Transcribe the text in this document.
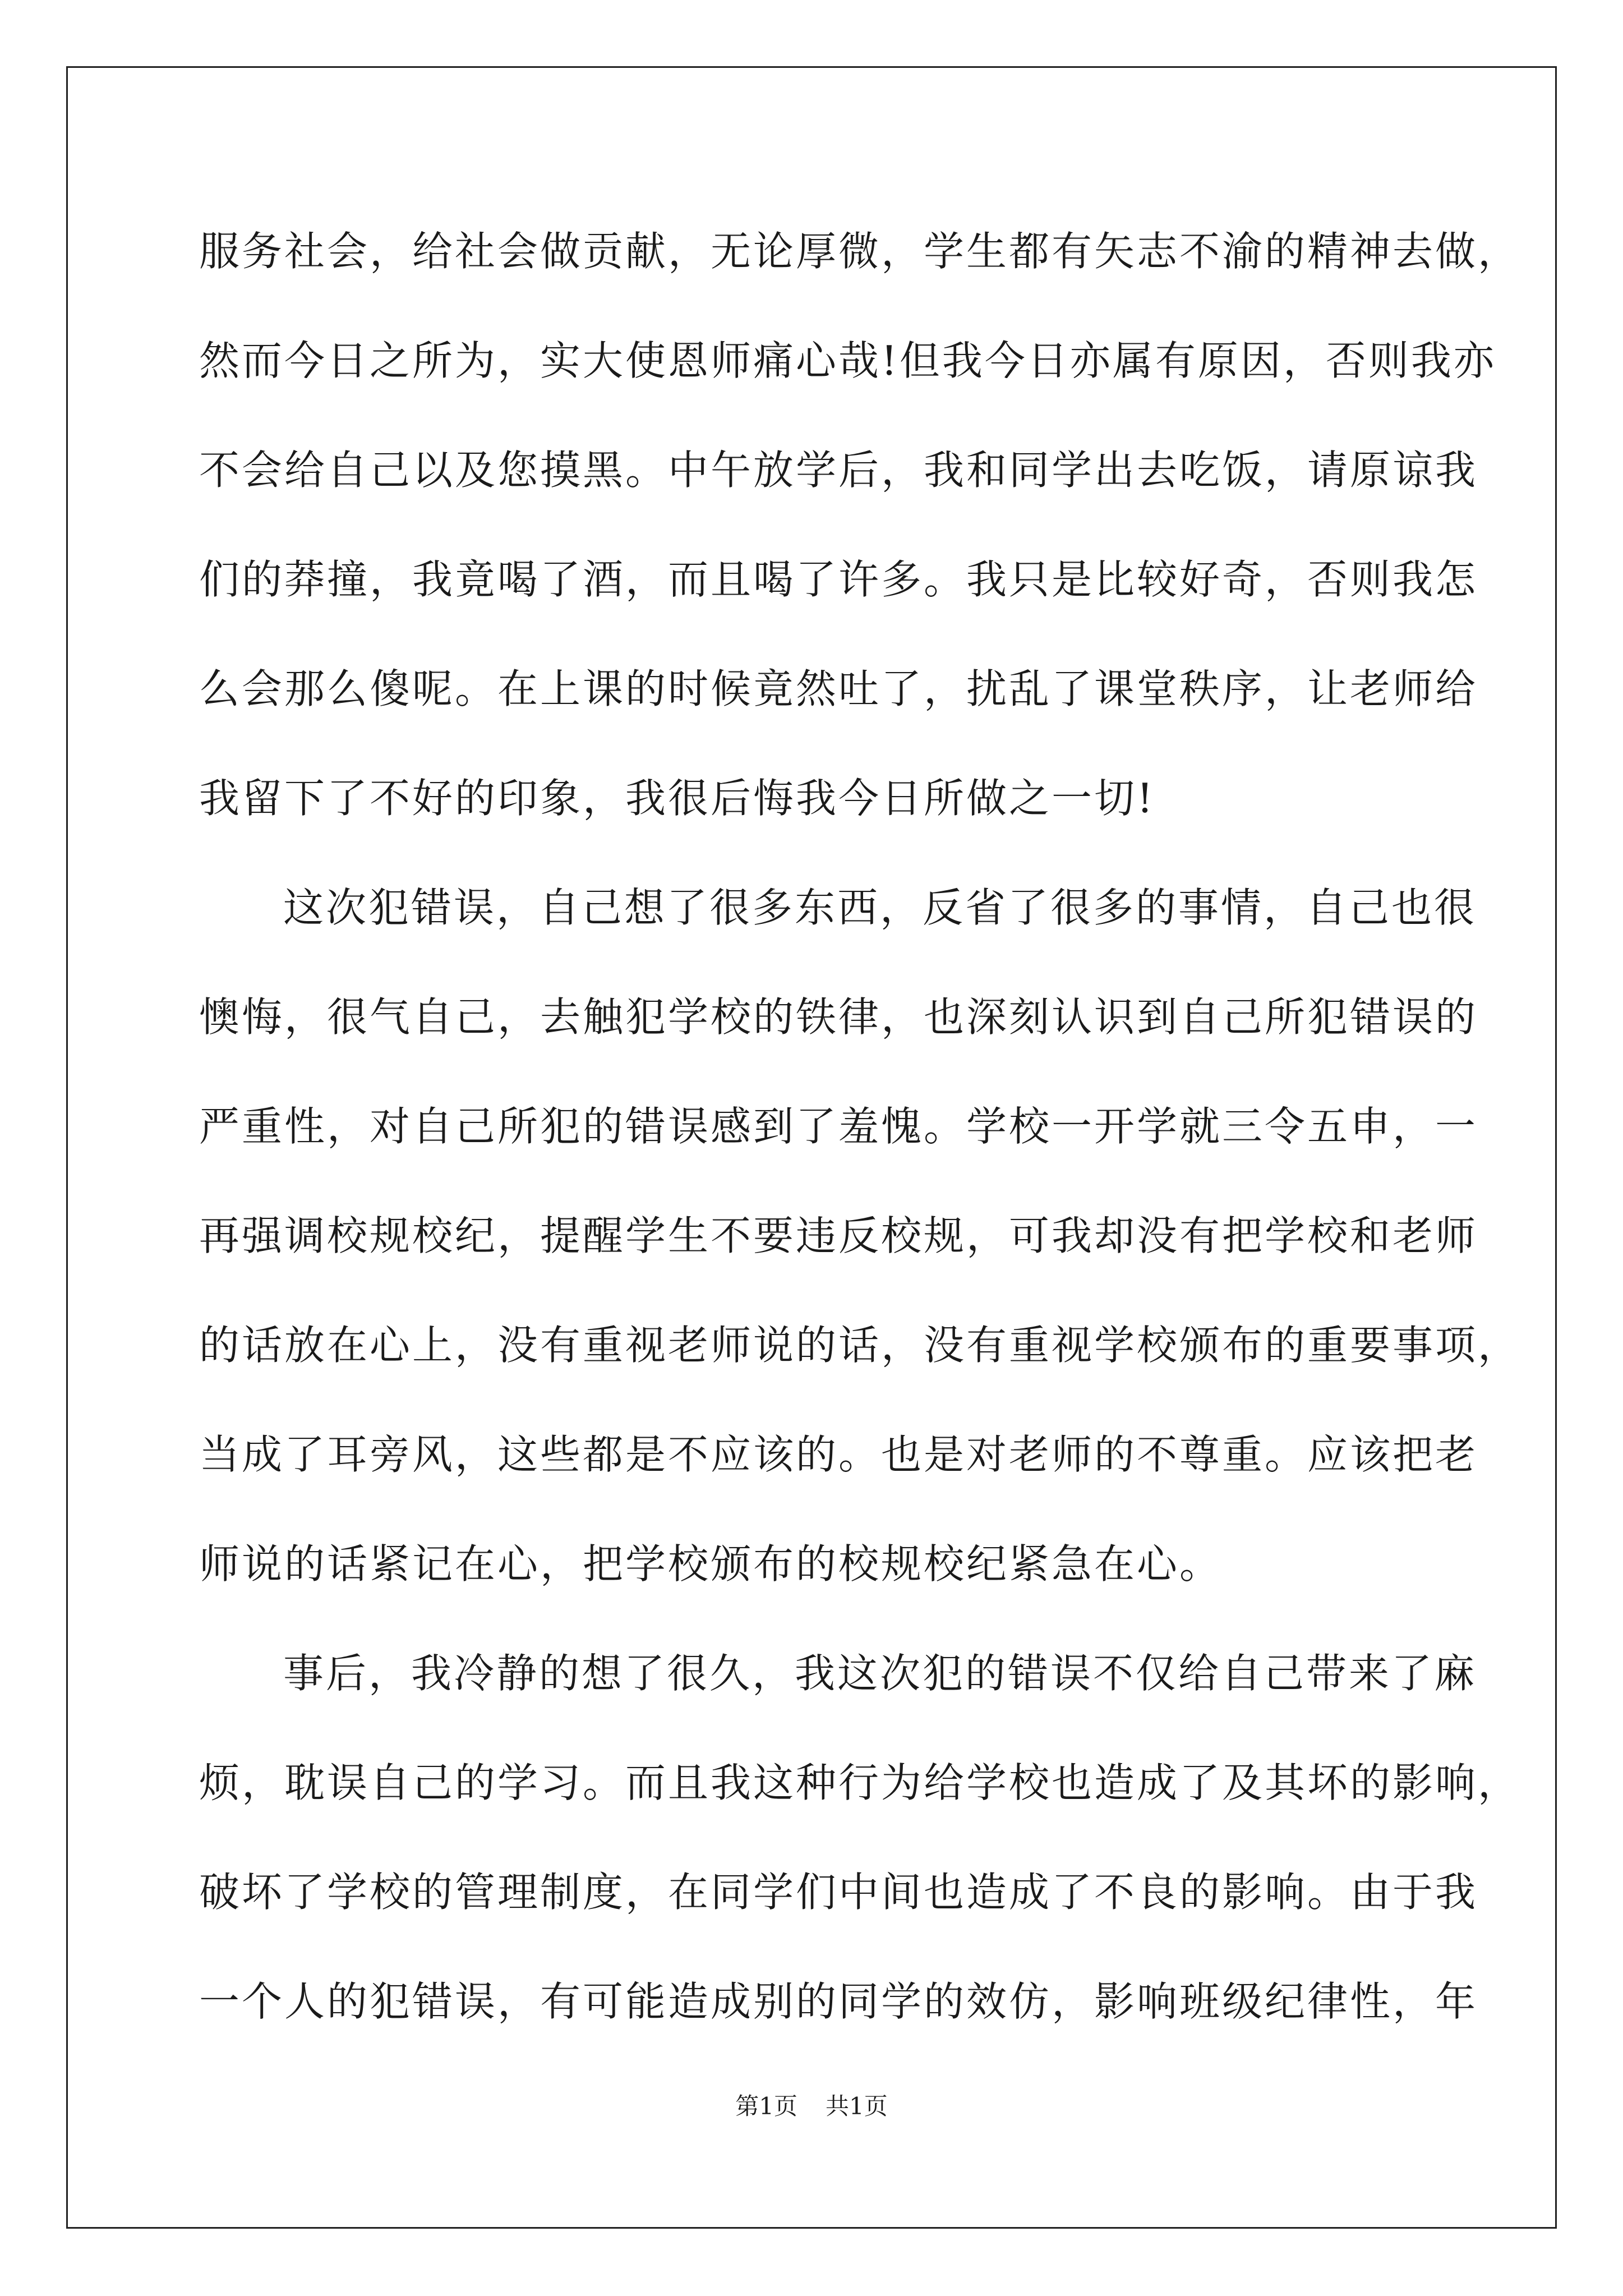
服务社会，给社会做贡献，无论厚微，学生都有矢志不渝的精神去做，
然而今日之所为，实大使恩师痛心哉!但我今日亦属有原因，否则我亦
不会给自己以及您摸黑。中午放学后，我和同学出去吃饭，请原谅我
们的莽撞，我竟喝了酒，而且喝了许多。我只是比较好奇，否则我怎
么会那么傻呢。在上课的时候竟然吐了，扰乱了课堂秩序，让老师给
我留下了不好的印象，我很后悔我今日所做之一切!
这次犯错误，自己想了很多东西，反省了很多的事情，自己也很
懊悔，很气自己，去触犯学校的铁律，也深刻认识到自己所犯错误的
严重性，对自己所犯的错误感到了羞愧。学校一开学就三令五申，一
再强调校规校纪，提醒学生不要违反校规，可我却没有把学校和老师
的话放在心上，没有重视老师说的话，没有重视学校颁布的重要事项，
当成了耳旁风，这些都是不应该的。也是对老师的不尊重。应该把老
师说的话紧记在心，把学校颁布的校规校纪紧急在心。
事后，我冷静的想了很久，我这次犯的错误不仅给自己带来了麻
烦，耽误自己的学习。而且我这种行为给学校也造成了及其坏的影响，
破坏了学校的管理制度，在同学们中间也造成了不良的影响。由于我
一个人的犯错误，有可能造成别的同学的效仿，影响班级纪律性，年
第1页 共1页
